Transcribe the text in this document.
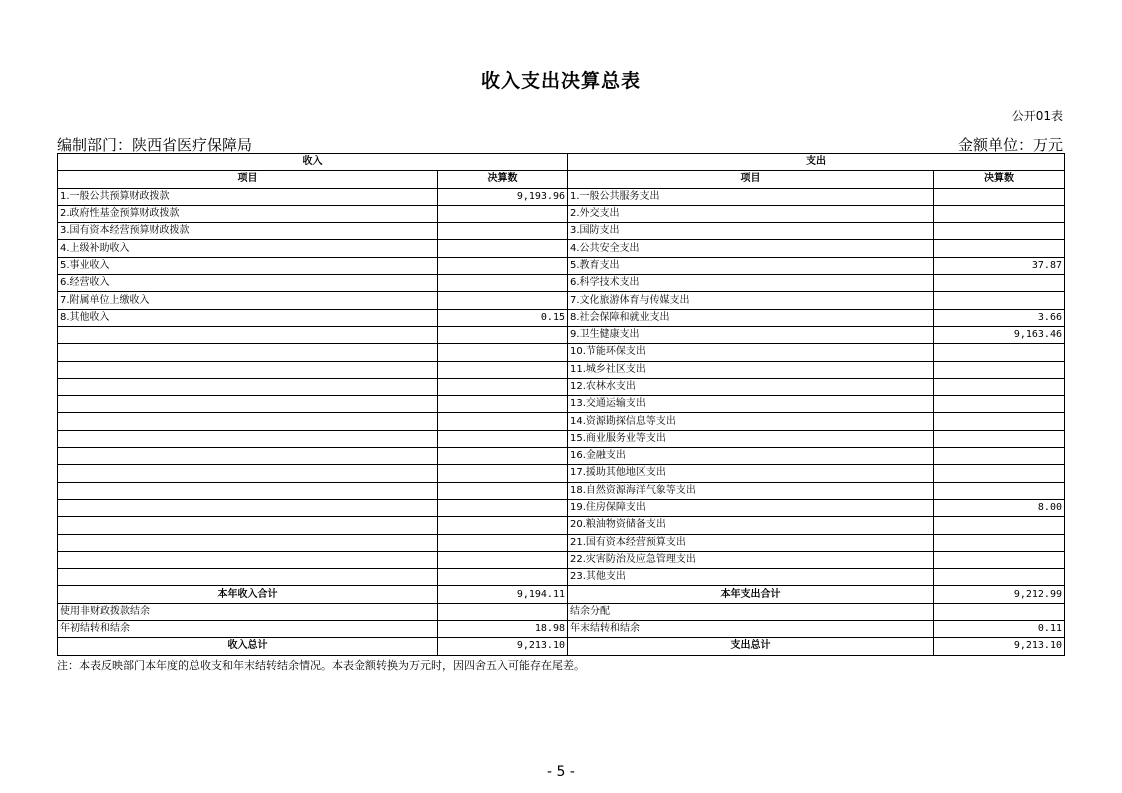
收入支出决算总表
公开01表
编制部门：陕西省医疗保障局	金额单位：万元
收入		支出	
项目	决算数	项目	决算数
1.一般公共预算财政拨款	9,193.96	1.一般公共服务支出	
2.政府性基金预算财政拨款		2.外交支出	
3.国有资本经营预算财政拨款		3.国防支出	
4.上级补助收入		4.公共安全支出	
5.事业收入		5.教育支出	37.87
6.经营收入		6.科学技术支出	
7.附属单位上缴收入		7.文化旅游体育与传媒支出	
8.其他收入	0.15	8.社会保障和就业支出	3.66
		9.卫生健康支出	9,163.46
		10.节能环保支出	
		11.城乡社区支出	
		12.农林水支出	
		13.交通运输支出	
		14.资源勘探信息等支出	
		15.商业服务业等支出	
		16.金融支出	
		17.援助其他地区支出	
		18.自然资源海洋气象等支出	
		19.住房保障支出	8.00
		20.粮油物资储备支出	
		21.国有资本经营预算支出	
		22.灾害防治及应急管理支出	
		23.其他支出	
本年收入合计	9,194.11	本年支出合计	9,212.99
使用非财政拨款结余		结余分配	
年初结转和结余	18.98	年末结转和结余	0.11
收入总计	9,213.10	支出总计	9,213.10
注：本表反映部门本年度的总收支和年末结转结余情况。本表金额转换为万元时，因四舍五入可能存在尾差。
- 5 -
